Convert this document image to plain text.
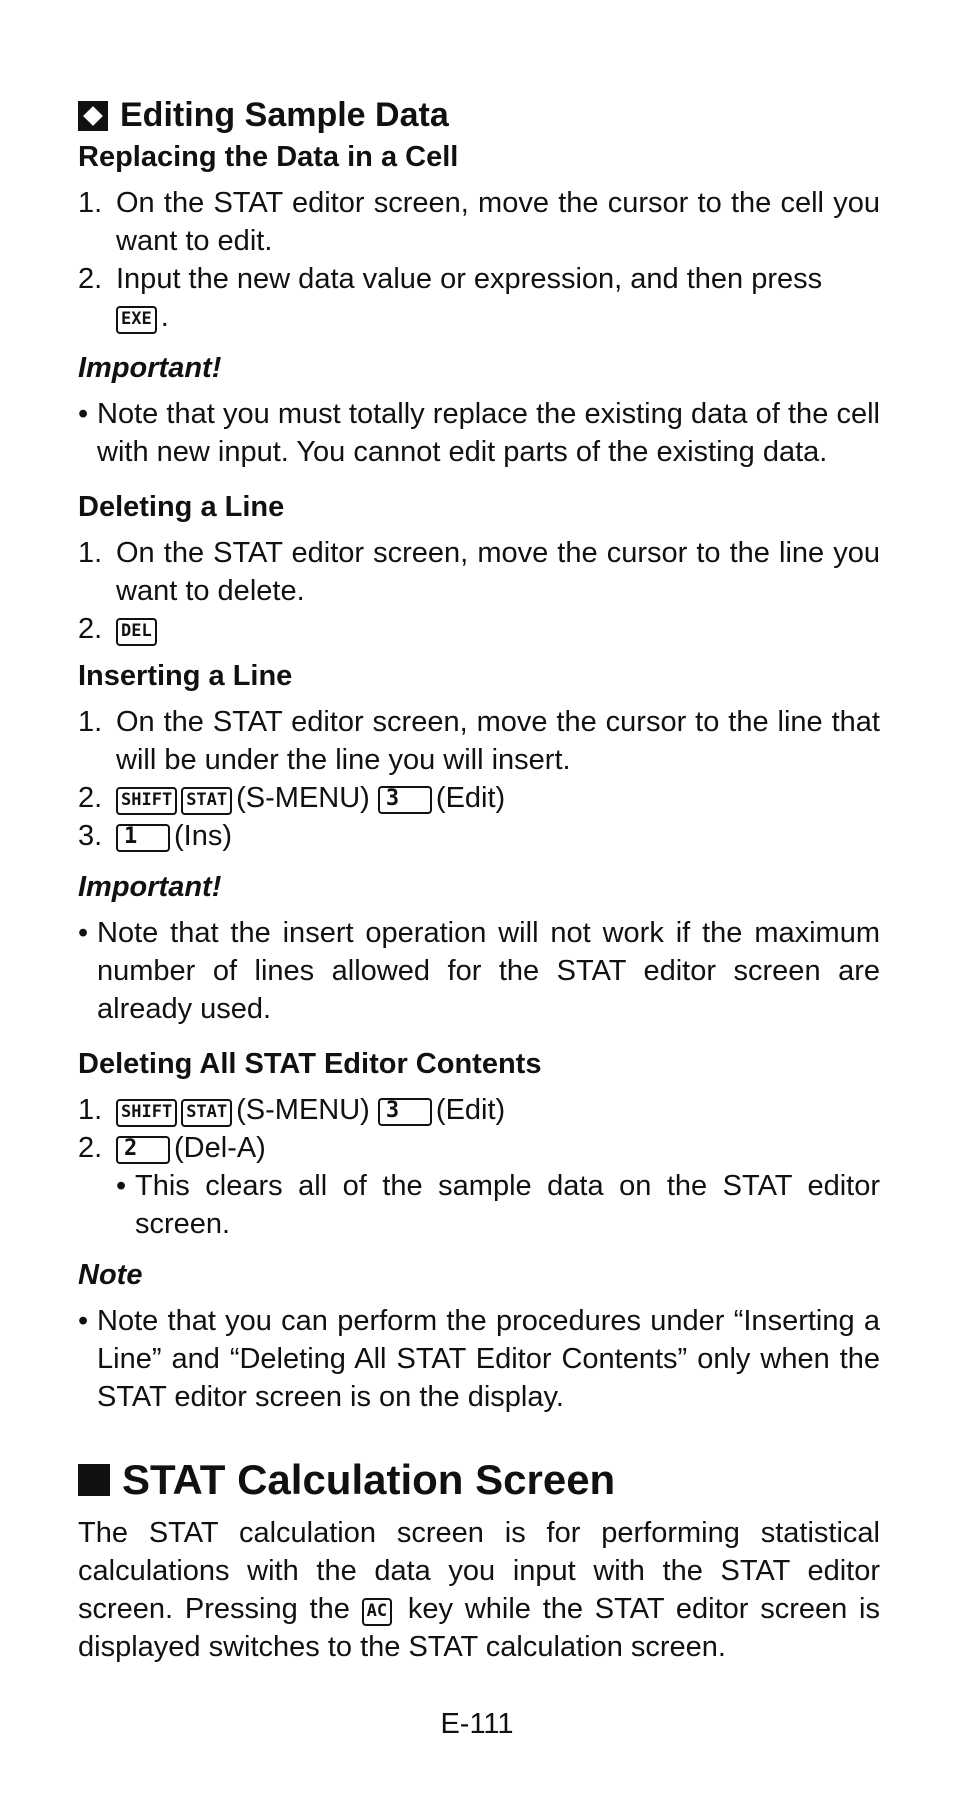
Editing Sample Data
Replacing the Data in a Cell

1. On the STAT editor screen, move the cursor to the cell you want to edit.

2. Input the new data value or expression, and then press
EXE .

Important!

• Note that you must totally replace the existing data of the cell with new input. You cannot edit parts of the existing data.

Deleting a Line

1. On the STAT editor screen, move the cursor to the line you want to delete.

2.	DEL

Inserting a Line

1. On the STAT editor screen, move the cursor to the line that will be under the line you will insert.

2.	SHIFT STAT (S-MENU) 3 (Edit)

3. 1 (Ins)

Important!

• Note that the insert operation will not work if the maximum number of lines allowed for the STAT editor screen are already used.

Deleting All STAT Editor Contents

1.	SHIFT STAT (S-MENU) 3 (Edit)

2. 2 (Del-A)

• This clears all of the sample data on the STAT editor screen.

Note

• Note that you can perform the procedures under “Inserting a Line” and “Deleting All STAT Editor Contents” only when the STAT editor screen is on the display.

STAT Calculation Screen

The STAT calculation screen is for performing statistical calculations with the data you input with the STAT editor screen. Pressing the AC key while the STAT editor screen is displayed switches to the STAT calculation screen.

E-111
